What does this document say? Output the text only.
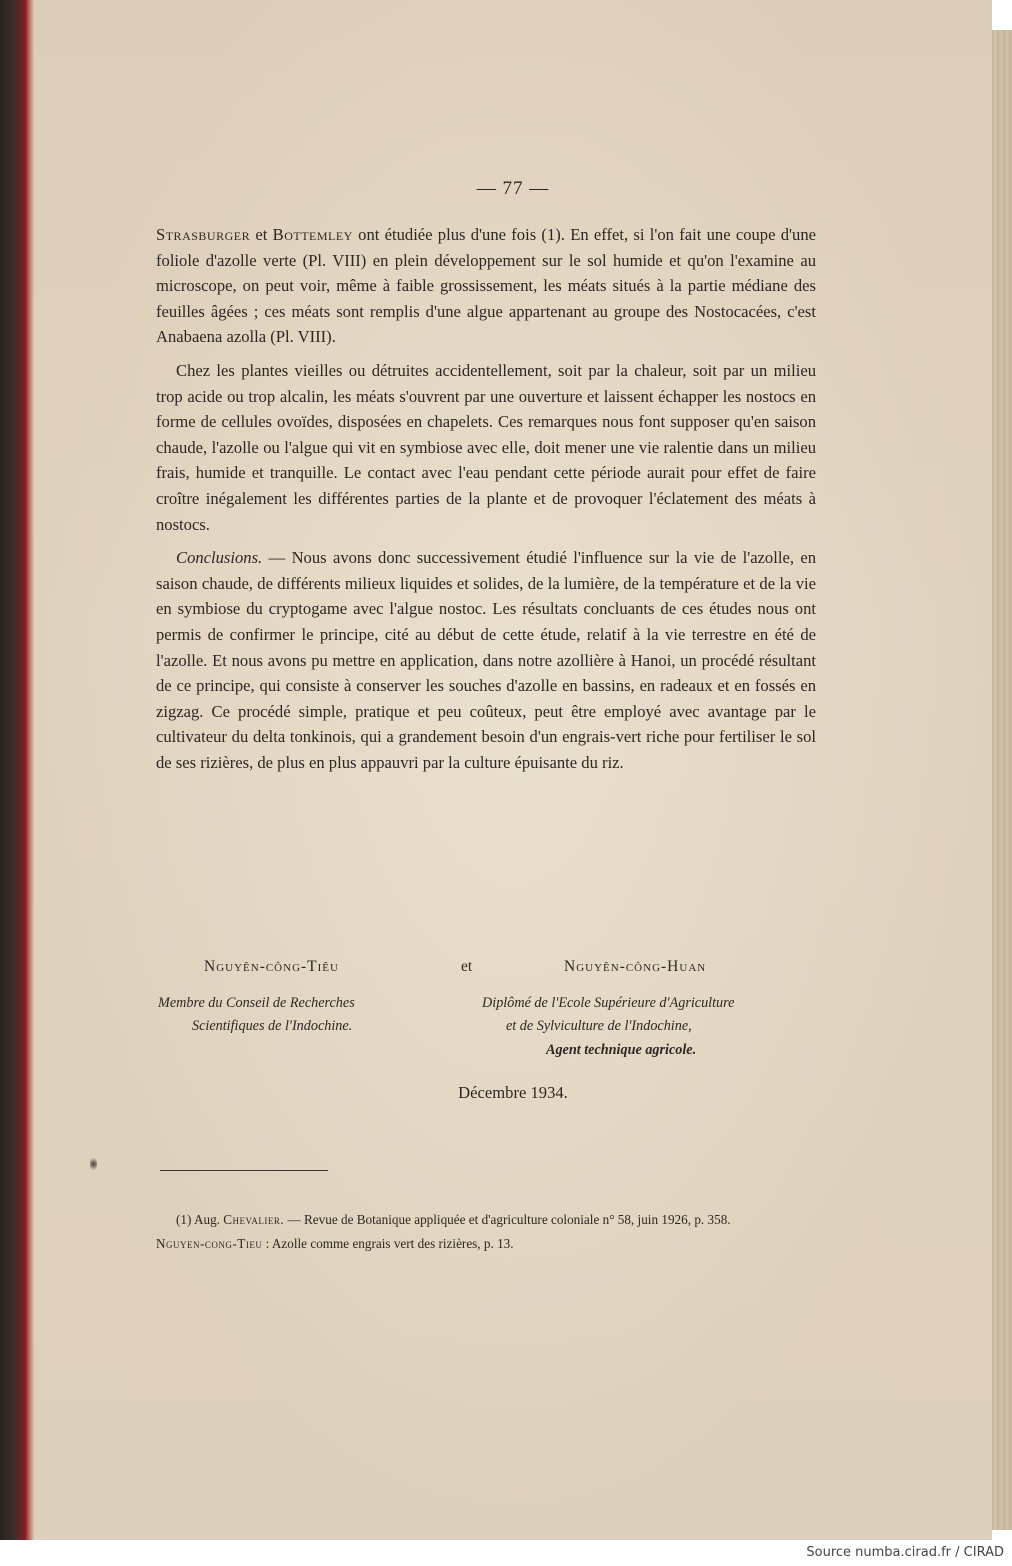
— 77 —

Strasburger et Bottemley ont étudiée plus d'une fois (1). En effet, si l'on fait une coupe d'une foliole d'azolle verte (Pl. VIII) en plein développement sur le sol humide et qu'on l'examine au microscope, on peut voir, même à faible grossissement, les méats situés à la partie médiane des feuilles âgées ; ces méats sont remplis d'une algue appartenant au groupe des Nostocacées, c'est Anabaena azolla (Pl. VIII).

Chez les plantes vieilles ou détruites accidentellement, soit par la chaleur, soit par un milieu trop acide ou trop alcalin, les méats s'ouvrent par une ouverture et laissent échapper les nostocs en forme de cellules ovoïdes, disposées en chapelets. Ces remarques nous font supposer qu'en saison chaude, l'azolle ou l'algue qui vit en symbiose avec elle, doit mener une vie ralentie dans un milieu frais, humide et tranquille. Le contact avec l'eau pendant cette période aurait pour effet de faire croître inégalement les différentes parties de la plante et de provoquer l'éclatement des méats à nostocs.

Conclusions. — Nous avons donc successivement étudié l'influence sur la vie de l'azolle, en saison chaude, de différents milieux liquides et solides, de la lumière, de la température et de la vie en symbiose du cryptogame avec l'algue nostoc. Les résultats concluants de ces études nous ont permis de confirmer le principe, cité au début de cette étude, relatif à la vie terrestre en été de l'azolle. Et nous avons pu mettre en application, dans notre azollière à Hanoi, un procédé résultant de ce principe, qui consiste à conserver les souches d'azolle en bassins, en radeaux et en fossés en zigzag. Ce procédé simple, pratique et peu coûteux, peut être employé avec avantage par le cultivateur du delta tonkinois, qui a grandement besoin d'un engrais-vert riche pour fertiliser le sol de ses rizières, de plus en plus appauvri par la culture épuisante du riz.

Nguyên-công-Tiêu	et	Nguyên-công-Huan
Membre du Conseil de Recherches
Scientifiques de l'Indochine.
Diplômé de l'Ecole Supérieure d'Agriculture
et de Sylviculture de l'Indochine,
Agent technique agricole.
Décembre 1934.

(1) Aug. Chevalier. — Revue de Botanique appliquée et d'agriculture coloniale n° 58, juin 1926, p. 358.

Nguyen-cong-Tieu : Azolle comme engrais vert des rizières, p. 13.

Source numba.cirad.fr / CIRAD
